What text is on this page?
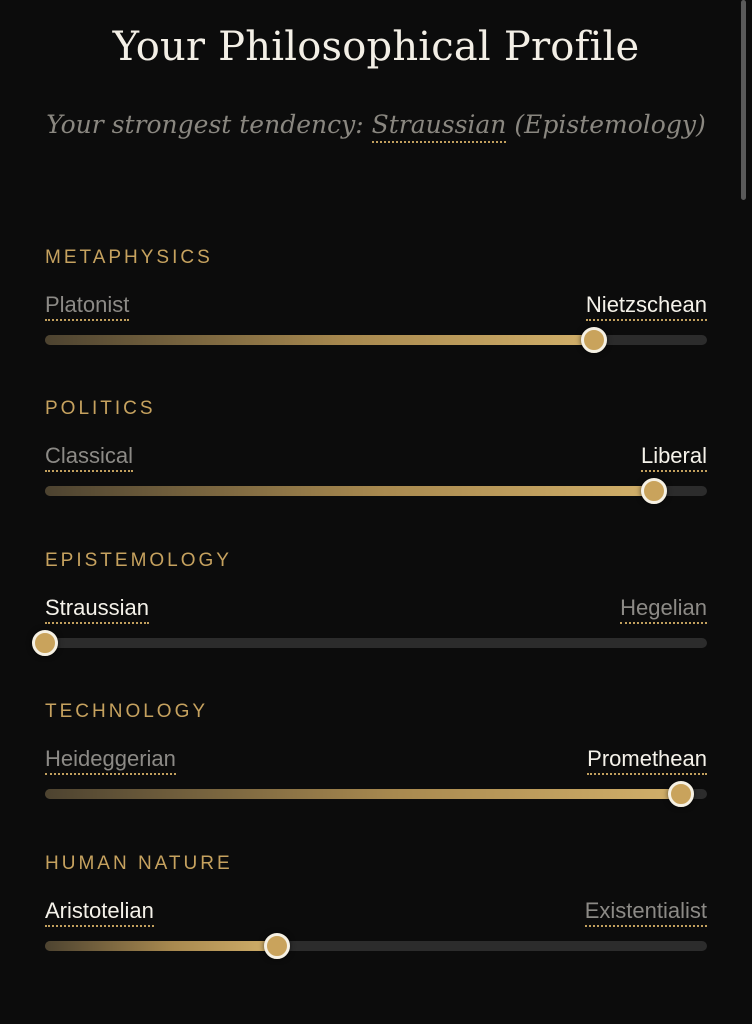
Your Philosophical Profile
Your strongest tendency: Straussian (Epistemology)
METAPHYSICS
Platonist	Nietzschean
POLITICS
Classical	Liberal
EPISTEMOLOGY
Straussian	Hegelian
TECHNOLOGY
Heideggerian	Promethean
HUMAN NATURE
Aristotelian	Existentialist
